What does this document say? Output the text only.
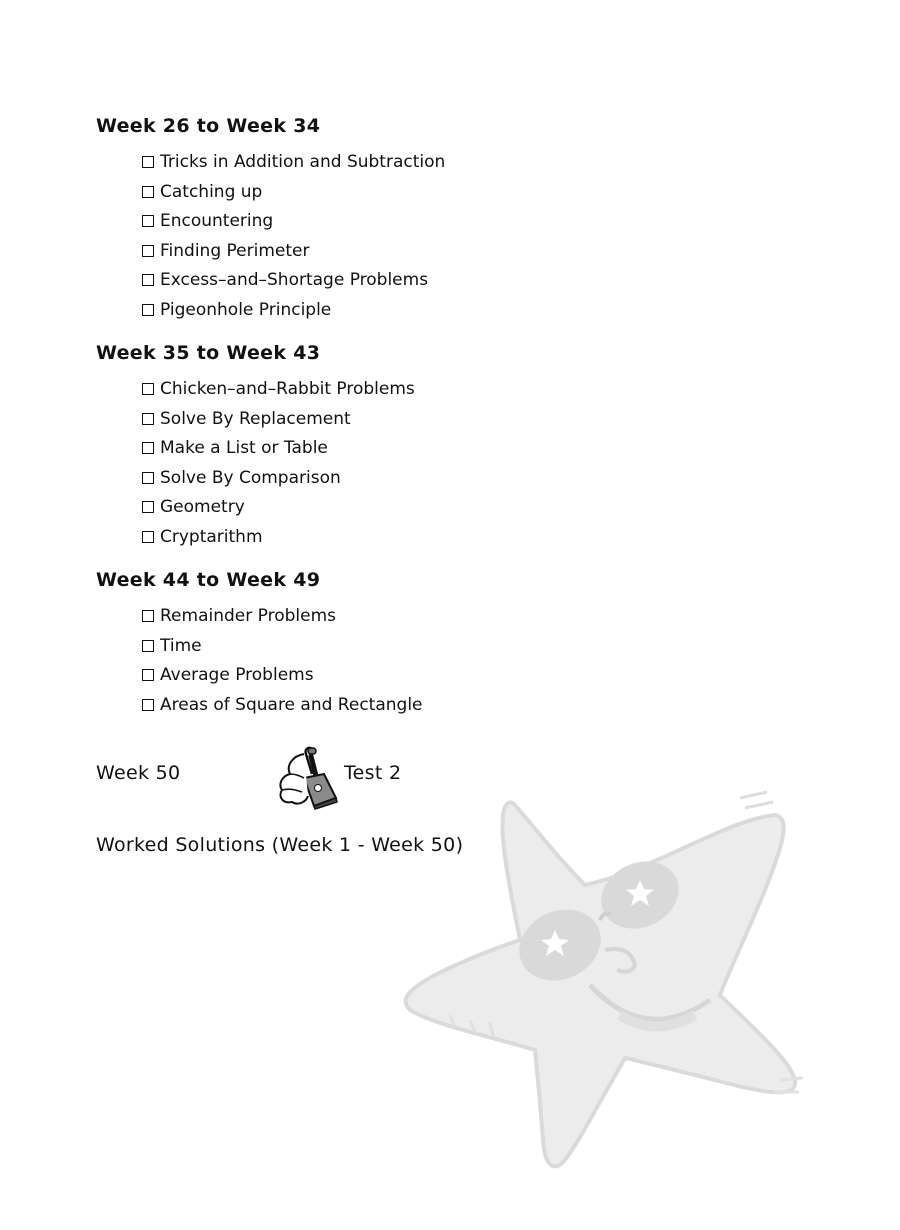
Week 26 to Week 34
Tricks in Addition and Subtraction
Catching up
Encountering
Finding Perimeter
Excess–and–Shortage Problems
Pigeonhole Principle
Week 35 to Week 43
Chicken–and–Rabbit Problems
Solve By Replacement
Make a List or Table
Solve By Comparison
Geometry
Cryptarithm
Week 44 to Week 49
Remainder Problems
Time
Average Problems
Areas of Square and Rectangle
Week 50	Test 2
Worked Solutions (Week 1 - Week 50)
